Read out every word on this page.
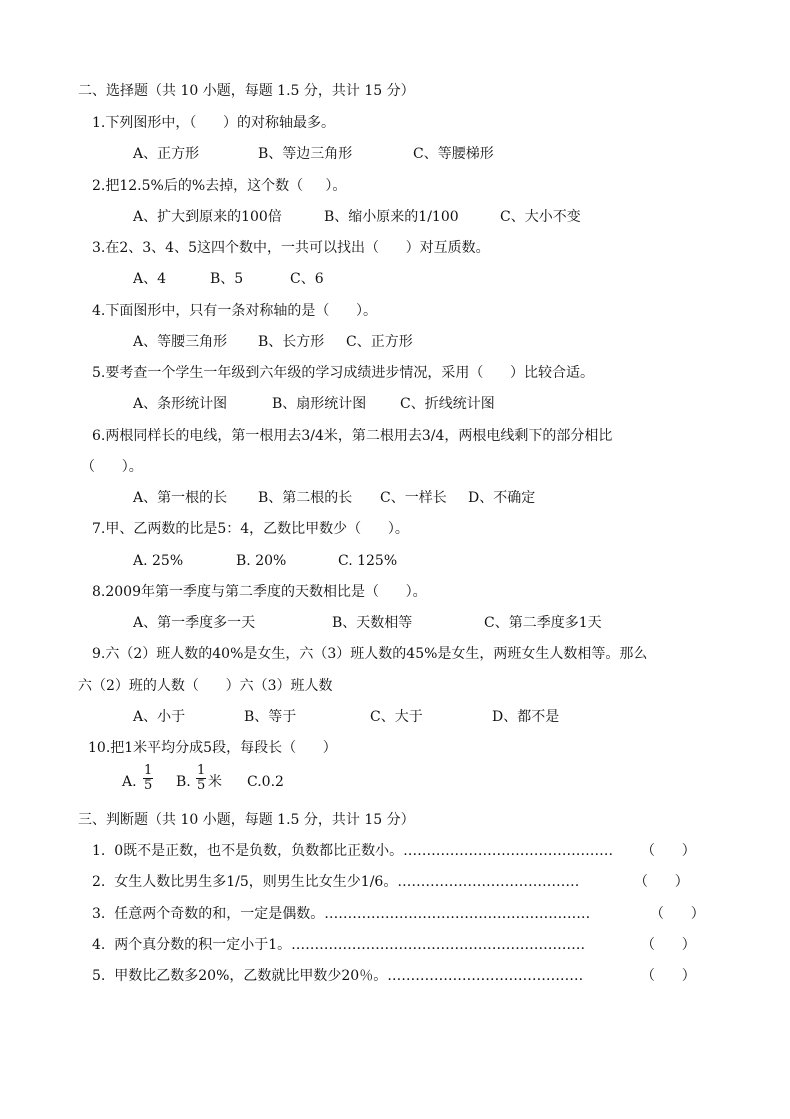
二、选择题（共 10 小题，每题 1.5 分，共计 15 分）
1.下列图形中，（      ）的对称轴最多。
A、正方形	B、等边三角形	C、等腰梯形
2.把12.5%后的%去掉，这个数（     ）。
A、扩大到原来的100倍	B、缩小原来的1/100	C、大小不变
3.在2、3、4、5这四个数中，一共可以找出（      ）对互质数。
A、4	B、5	C、6
4.下面图形中，只有一条对称轴的是（      ）。
A、等腰三角形 B、长方形 C、正方形
5.要考查一个学生一年级到六年级的学习成绩进步情况，采用（      ）比较合适。
A、条形统计图	B、扇形统计图 C、折线统计图
6.两根同样长的电线，第一根用去3/4米，第二根用去3/4，两根电线剩下的部分相比
（      ）。
A、第一根的长 B、第二根的长 C、一样长 D、不确定
7.甲、乙两数的比是5：4，乙数比甲数少（      ）。
A. 25%	B. 20%	C. 125%
8.2009年第一季度与第二季度的天数相比是（      ）。
A、第一季度多一天	B、天数相等	C、第二季度多1天
9.六（2）班人数的40%是女生，六（3）班人数的45%是女生，两班女生人数相等。那么
六（2）班的人数（      ）六（3）班人数
A、小于	B、等于	C、大于	D、都不是
10.把1米平均分成5段，每段长（      ）
A. $\frac{1}{5} B$. $\frac{1}{5}$ 米 C.0.2
三、判断题（共 10 小题，每题 1.5 分，共计 15 分）
1.  0既不是正数，也不是负数，负数都比正数小。……………………………………… （      ）
2.  女生人数比男生多1/5，则男生比女生少1/6。…………………………………	（      ）
3.  任意两个奇数的和，一定是偶数。…………………………………………………	（      ）
4.  两个真分数的积一定小于1。………………………………………………………	（      ）
5.  甲数比乙数多20%，乙数就比甲数少20％。……………………………………	（      ）
